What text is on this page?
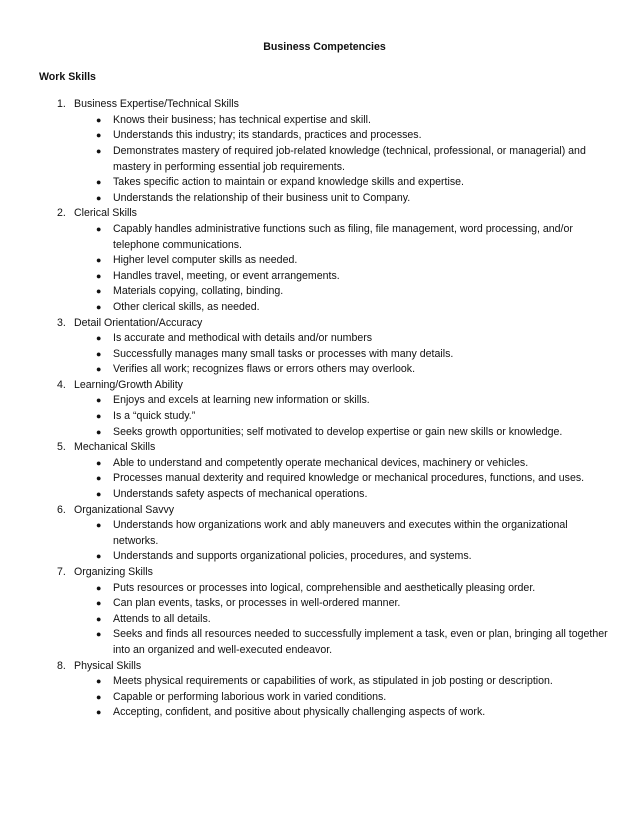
Business Competencies
Work Skills
1. Business Expertise/Technical Skills
● Knows their business; has technical expertise and skill.
● Understands this industry; its standards, practices and processes.
● Demonstrates mastery of required job-related knowledge (technical, professional, or managerial) and mastery in performing essential job requirements.
● Takes specific action to maintain or expand knowledge skills and expertise.
● Understands the relationship of their business unit to Company.
2. Clerical Skills
● Capably handles administrative functions such as filing, file management, word processing, and/or telephone communications.
● Higher level computer skills as needed.
● Handles travel, meeting, or event arrangements.
● Materials copying, collating, binding.
● Other clerical skills, as needed.
3. Detail Orientation/Accuracy
● Is accurate and methodical with details and/or numbers
● Successfully manages many small tasks or processes with many details.
● Verifies all work; recognizes flaws or errors others may overlook.
4. Learning/Growth Ability
● Enjoys and excels at learning new information or skills.
● Is a “quick study.”
● Seeks growth opportunities; self motivated to develop expertise or gain new skills or knowledge.
5. Mechanical Skills
● Able to understand and competently operate mechanical devices, machinery or vehicles.
● Processes manual dexterity and required knowledge or mechanical procedures, functions, and uses.
● Understands safety aspects of mechanical operations.
6. Organizational Savvy
● Understands how organizations work and ably maneuvers and executes within the organizational networks.
● Understands and supports organizational policies, procedures, and systems.
7. Organizing Skills
● Puts resources or processes into logical, comprehensible and aesthetically pleasing order.
● Can plan events, tasks, or processes in well-ordered manner.
● Attends to all details.
● Seeks and finds all resources needed to successfully implement a task, even or plan, bringing all together into an organized and well-executed endeavor.
8. Physical Skills
● Meets physical requirements or capabilities of work, as stipulated in job posting or description.
● Capable or performing laborious work in varied conditions.
● Accepting, confident, and positive about physically challenging aspects of work.
